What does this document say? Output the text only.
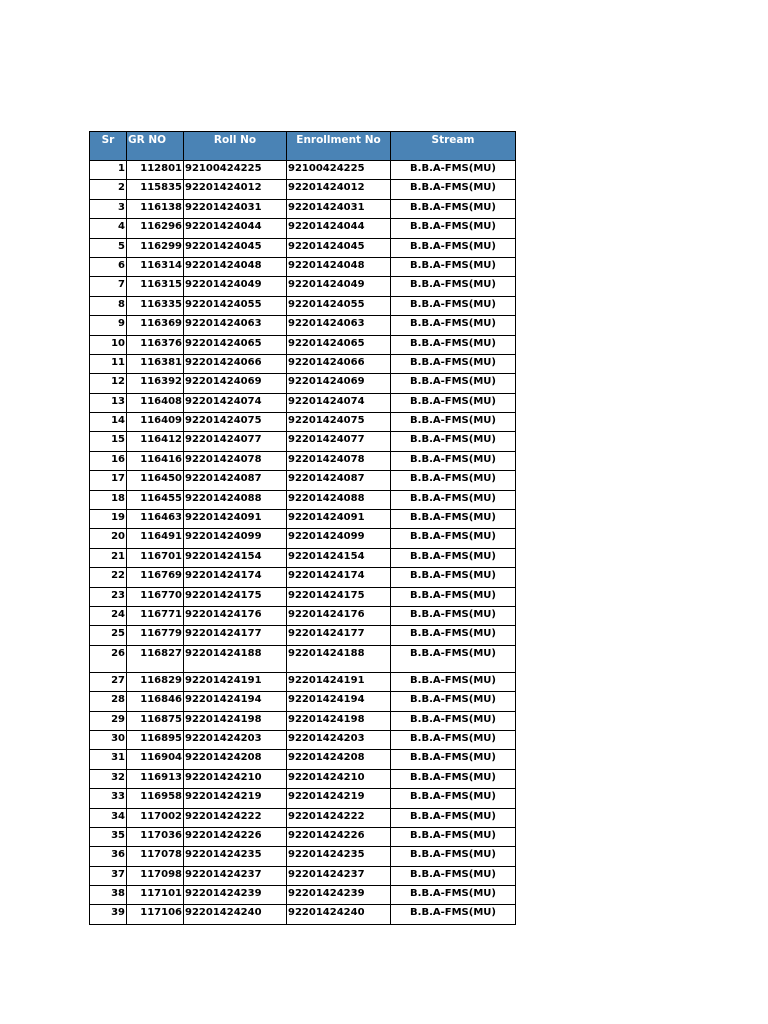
Sr	GR NO	Roll No	Enrollment No	Stream
1	112801	92100424225	92100424225	B.B.A-FMS(MU)
2	115835	92201424012	92201424012	B.B.A-FMS(MU)
3	116138	92201424031	92201424031	B.B.A-FMS(MU)
4	116296	92201424044	92201424044	B.B.A-FMS(MU)
5	116299	92201424045	92201424045	B.B.A-FMS(MU)
6	116314	92201424048	92201424048	B.B.A-FMS(MU)
7	116315	92201424049	92201424049	B.B.A-FMS(MU)
8	116335	92201424055	92201424055	B.B.A-FMS(MU)
9	116369	92201424063	92201424063	B.B.A-FMS(MU)
10	116376	92201424065	92201424065	B.B.A-FMS(MU)
11	116381	92201424066	92201424066	B.B.A-FMS(MU)
12	116392	92201424069	92201424069	B.B.A-FMS(MU)
13	116408	92201424074	92201424074	B.B.A-FMS(MU)
14	116409	92201424075	92201424075	B.B.A-FMS(MU)
15	116412	92201424077	92201424077	B.B.A-FMS(MU)
16	116416	92201424078	92201424078	B.B.A-FMS(MU)
17	116450	92201424087	92201424087	B.B.A-FMS(MU)
18	116455	92201424088	92201424088	B.B.A-FMS(MU)
19	116463	92201424091	92201424091	B.B.A-FMS(MU)
20	116491	92201424099	92201424099	B.B.A-FMS(MU)
21	116701	92201424154	92201424154	B.B.A-FMS(MU)
22	116769	92201424174	92201424174	B.B.A-FMS(MU)
23	116770	92201424175	92201424175	B.B.A-FMS(MU)
24	116771	92201424176	92201424176	B.B.A-FMS(MU)
25	116779	92201424177	92201424177	B.B.A-FMS(MU)
26	116827	92201424188	92201424188	B.B.A-FMS(MU)
27	116829	92201424191	92201424191	B.B.A-FMS(MU)
28	116846	92201424194	92201424194	B.B.A-FMS(MU)
29	116875	92201424198	92201424198	B.B.A-FMS(MU)
30	116895	92201424203	92201424203	B.B.A-FMS(MU)
31	116904	92201424208	92201424208	B.B.A-FMS(MU)
32	116913	92201424210	92201424210	B.B.A-FMS(MU)
33	116958	92201424219	92201424219	B.B.A-FMS(MU)
34	117002	92201424222	92201424222	B.B.A-FMS(MU)
35	117036	92201424226	92201424226	B.B.A-FMS(MU)
36	117078	92201424235	92201424235	B.B.A-FMS(MU)
37	117098	92201424237	92201424237	B.B.A-FMS(MU)
38	117101	92201424239	92201424239	B.B.A-FMS(MU)
39	117106	92201424240	92201424240	B.B.A-FMS(MU)
